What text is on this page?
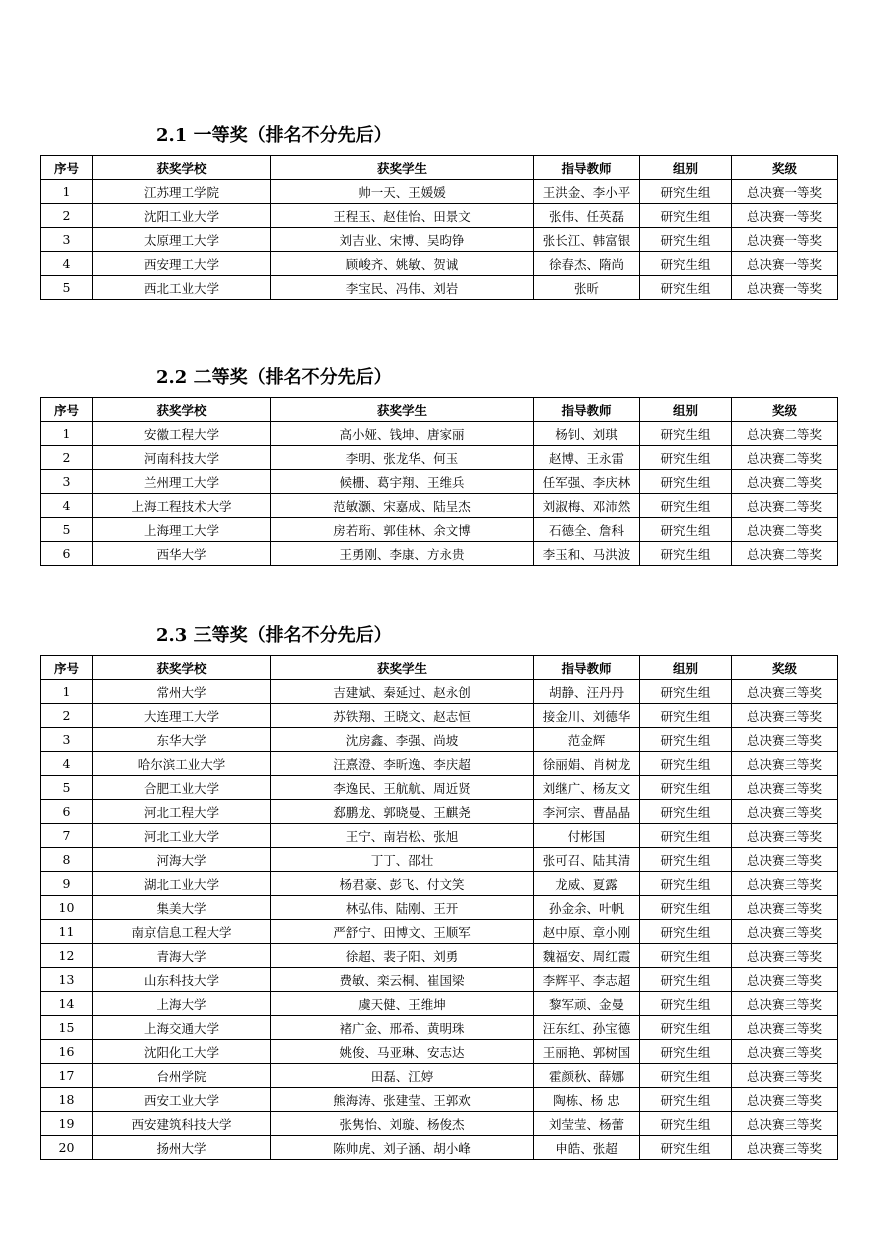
2.1 一等奖（排名不分先后）
序号	获奖学校	获奖学生	指导教师	组别	奖级
1	江苏理工学院	帅一天、王媛媛	王洪金、李小平	研究生组	总决赛一等奖
2	沈阳工业大学	王程玉、赵佳怡、田景文	张伟、任英磊	研究生组	总决赛一等奖
3	太原理工大学	刘吉业、宋博、吴昀铮	张长江、韩富银	研究生组	总决赛一等奖
4	西安理工大学	顾峻齐、姚敏、贺诚	徐春杰、隋尚	研究生组	总决赛一等奖
5	西北工业大学	李宝民、冯伟、刘岩	张昕	研究生组	总决赛一等奖
2.2 二等奖（排名不分先后）
序号	获奖学校	获奖学生	指导教师	组别	奖级
1	安徽工程大学	高小娅、钱坤、唐家丽	杨钊、刘琪	研究生组	总决赛二等奖
2	河南科技大学	李明、张龙华、何玉	赵博、王永雷	研究生组	总决赛二等奖
3	兰州理工大学	候栅、葛宇翔、王维兵	任军强、李庆林	研究生组	总决赛二等奖
4	上海工程技术大学	范敏灏、宋嘉成、陆呈杰	刘淑梅、邓沛然	研究生组	总决赛二等奖
5	上海理工大学	房若珩、郭佳林、余文博	石德全、詹科	研究生组	总决赛二等奖
6	西华大学	王勇刚、李康、方永贵	李玉和、马洪波	研究生组	总决赛二等奖
2.3 三等奖（排名不分先后）
序号	获奖学校	获奖学生	指导教师	组别	奖级
1	常州大学	吉建斌、秦延过、赵永创	胡静、汪丹丹	研究生组	总决赛三等奖
2	大连理工大学	苏铁翔、王晓文、赵志恒	接金川、刘德华	研究生组	总决赛三等奖
3	东华大学	沈房鑫、李强、尚坡	范金辉	研究生组	总决赛三等奖
4	哈尔滨工业大学	汪熹澄、李昕逸、李庆超	徐丽娟、肖树龙	研究生组	总决赛三等奖
5	合肥工业大学	李逸民、王航航、周近贤	刘继广、杨友文	研究生组	总决赛三等奖
6	河北工程大学	郄鹏龙、郭晓曼、王麒尧	李河宗、曹晶晶	研究生组	总决赛三等奖
7	河北工业大学	王宁、南岩松、张旭	付彬国	研究生组	总决赛三等奖
8	河海大学	丁丁、邵壮	张可召、陆其清	研究生组	总决赛三等奖
9	湖北工业大学	杨君豪、彭飞、付文笑	龙威、夏露	研究生组	总决赛三等奖
10	集美大学	林弘伟、陆刚、王开	孙金余、叶帆	研究生组	总决赛三等奖
11	南京信息工程大学	严舒宁、田博文、王顺军	赵中原、章小刚	研究生组	总决赛三等奖
12	青海大学	徐超、裴子阳、刘勇	魏福安、周红霞	研究生组	总决赛三等奖
13	山东科技大学	费敏、栾云桐、崔国梁	李辉平、李志超	研究生组	总决赛三等奖
14	上海大学	虞天健、王维坤	黎军顽、金曼	研究生组	总决赛三等奖
15	上海交通大学	褚广金、邢希、黄明珠	汪东红、孙宝德	研究生组	总决赛三等奖
16	沈阳化工大学	姚俊、马亚琳、安志达	王丽艳、郭树国	研究生组	总决赛三等奖
17	台州学院	田磊、江婷	霍颜秋、薛娜	研究生组	总决赛三等奖
18	西安工业大学	熊海涛、张建莹、王郭欢	陶栋、杨 忠	研究生组	总决赛三等奖
19	西安建筑科技大学	张隽怡、刘璇、杨俊杰	刘莹莹、杨蕾	研究生组	总决赛三等奖
20	扬州大学	陈帅虎、刘子涵、胡小峰	申皓、张超	研究生组	总决赛三等奖
